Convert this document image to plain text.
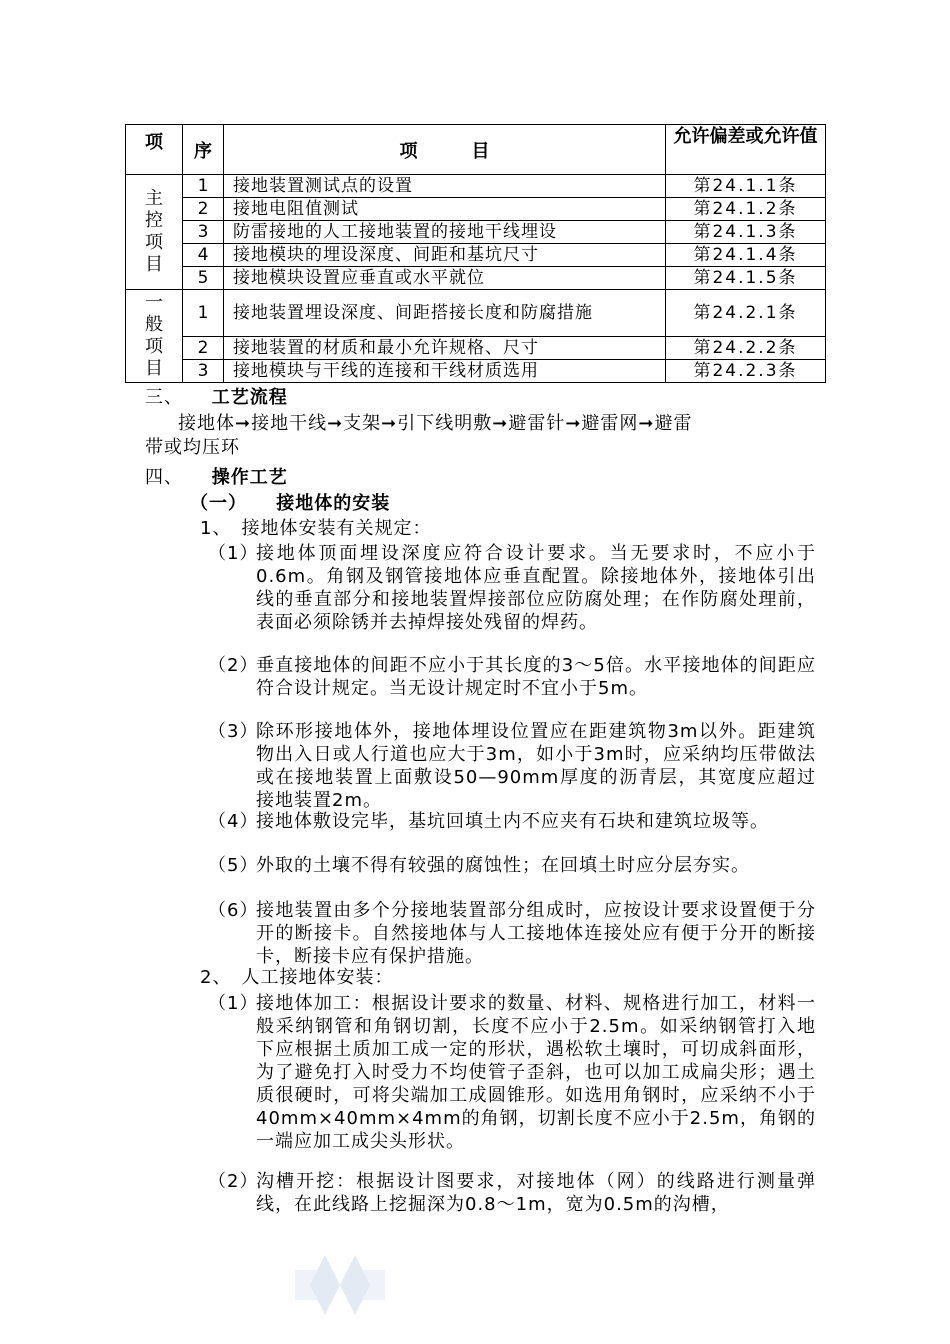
项	序	项　　　目	允许偏差或允许值

主
控
项
目	1	接地装置测试点的设置	第24.1.1条
	2	接地电阻值测试	第24.1.2条
	3	防雷接地的人工接地装置的接地干线埋设	第24.1.3条
	4	接地模块的埋设深度、间距和基坑尺寸	第24.1.4条
	5	接地模块设置应垂直或水平就位	第24.1.5条

一
般
项
目	1	接地装置埋设深度、间距搭接长度和防腐措施	第24.2.1条
	2	接地装置的材质和最小允许规格、尺寸	第24.2.2条
	3	接地模块与干线的连接和干线材质选用	第24.2.3条
三、 工艺流程
接地体➞接地干线➞支架➞引下线明敷➞避雷针➞避雷网➞避雷
带或均压环
四、 操作工艺
（一） 接地体的安装
1、　接地体安装有关规定：
（1）
接地体顶面埋设深度应符合设计要求。当无要求时，不应小于0.6m。角钢及钢管接地体应垂直配置。除接地体外，接地体引出线的垂直部分和接地装置焊接部位应防腐处理；在作防腐处理前，表面必须除锈并去掉焊接处残留的焊药。
（2）
垂直接地体的间距不应小于其长度的3～5倍。水平接地体的间距应符合设计规定。当无设计规定时不宜小于5m。
（3）
除环形接地体外，接地体埋设位置应在距建筑物3m以外。距建筑物出入日或人行道也应大于3m，如小于3m时，应采纳均压带做法或在接地装置上面敷设50—90mm厚度的沥青层，其宽度应超过接地装置2m。
（4）
接地体敷设完毕，基坑回填土内不应夹有石块和建筑垃圾等。
（5）
外取的土壤不得有较强的腐蚀性；在回填土时应分层夯实。
（6）
接地装置由多个分接地装置部分组成时，应按设计要求设置便于分开的断接卡。自然接地体与人工接地体连接处应有便于分开的断接卡，断接卡应有保护措施。
2、　人工接地体安装：
（1）
接地体加工：根据设计要求的数量、材料、规格进行加工，材料一般采纳钢管和角钢切割，长度不应小于2.5m。如采纳钢管打入地下应根据土质加工成一定的形状，遇松软土壤时，可切成斜面形，为了避免打入时受力不均使管子歪斜，也可以加工成扁尖形；遇土质很硬时，可将尖端加工成圆锥形。如选用角钢时，应采纳不小于40mm×40mm×4mm的角钢，切割长度不应小于2.5m，角钢的一端应加工成尖头形状。
（2）
沟槽开挖：根据设计图要求，对接地体（网）的线路进行测量弹线，在此线路上挖掘深为0.8～1m，宽为0.5m的沟槽，
